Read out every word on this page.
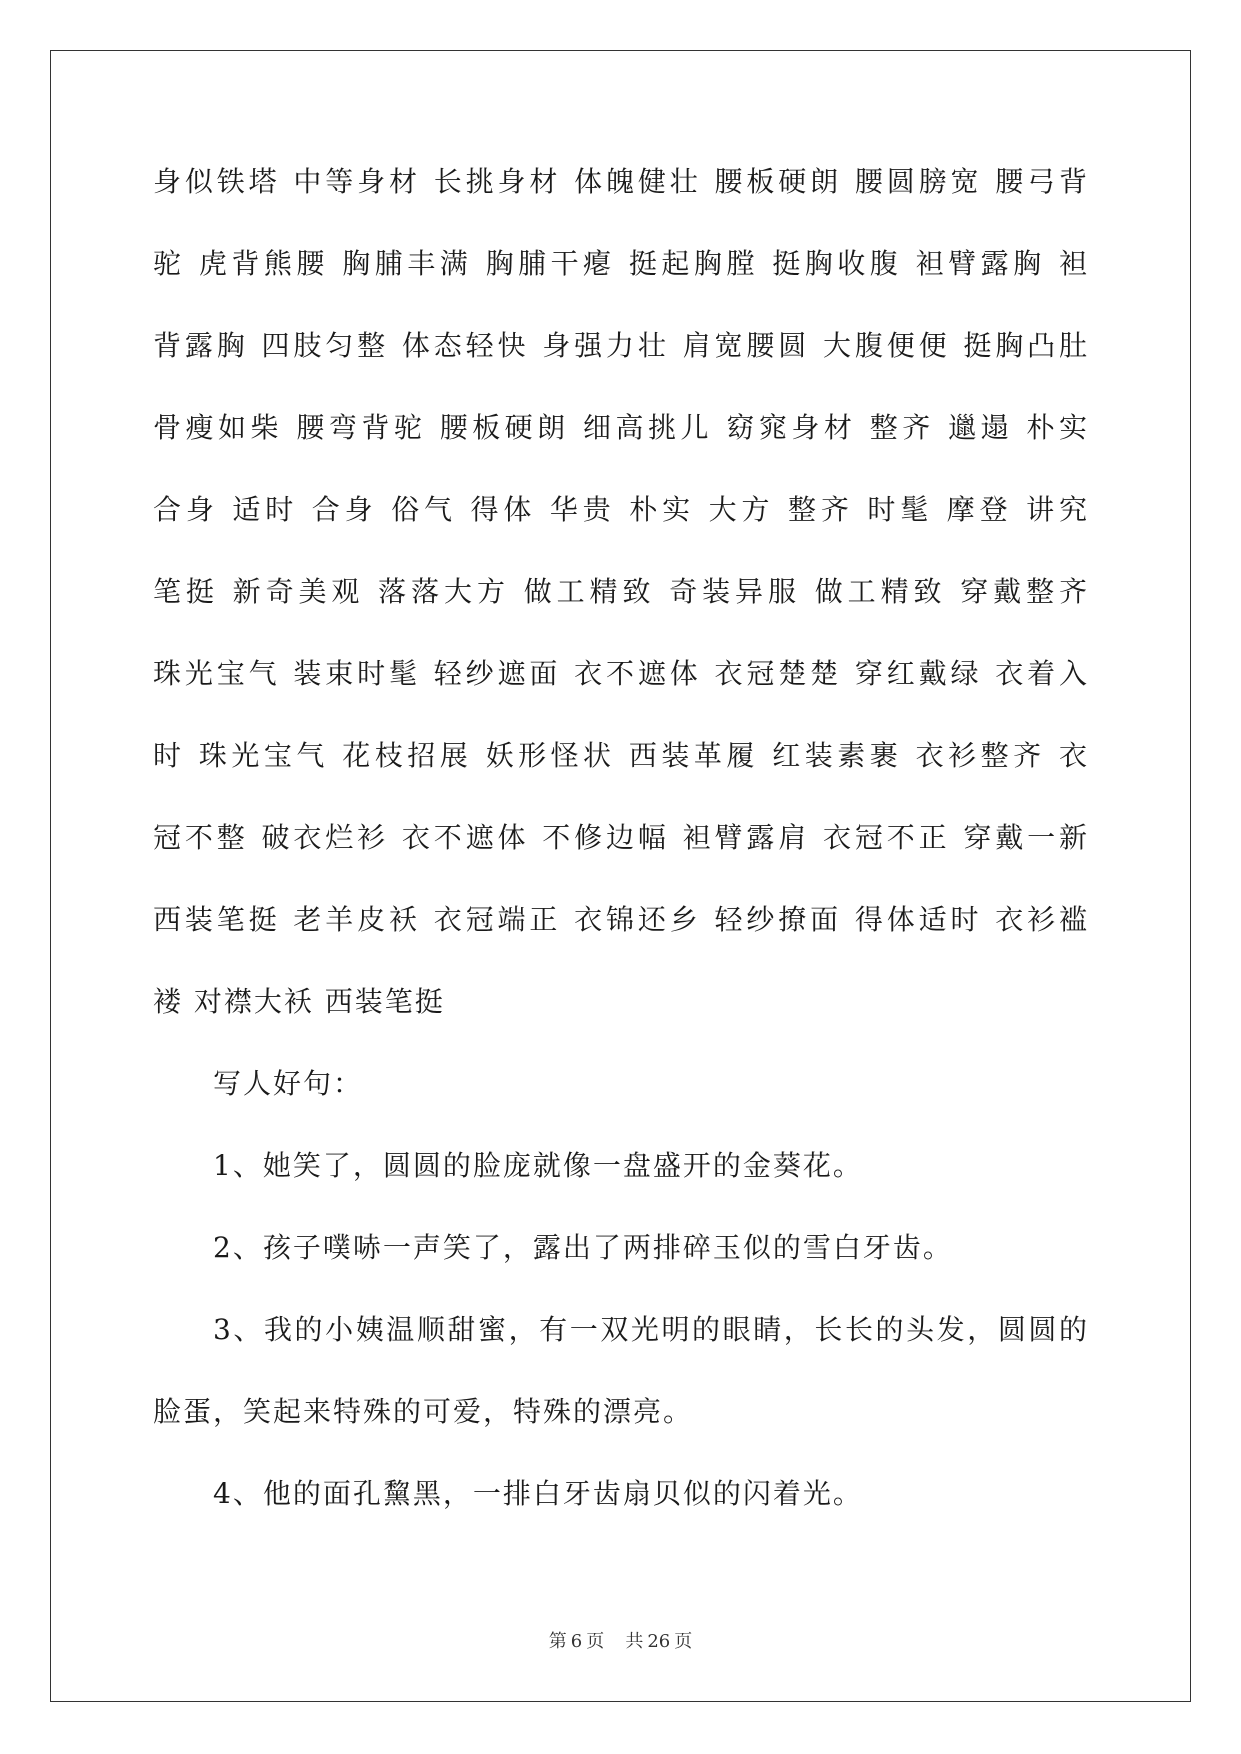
身似铁塔 中等身材 长挑身材 体魄健壮 腰板硬朗 腰圆膀宽 腰弓背
驼 虎背熊腰 胸脯丰满 胸脯干瘪 挺起胸膛 挺胸收腹 袒臂露胸 袒
背露胸 四肢匀整 体态轻快 身强力壮 肩宽腰圆 大腹便便 挺胸凸肚
骨瘦如柴 腰弯背驼 腰板硬朗 细高挑儿 窈窕身材 整齐 邋遢 朴实
合身 适时 合身 俗气 得体 华贵 朴实 大方 整齐 时髦 摩登 讲究
笔挺 新奇美观 落落大方 做工精致 奇装异服 做工精致 穿戴整齐
珠光宝气 装束时髦 轻纱遮面 衣不遮体 衣冠楚楚 穿红戴绿 衣着入
时 珠光宝气 花枝招展 妖形怪状 西装革履 红装素裹 衣衫整齐 衣
冠不整 破衣烂衫 衣不遮体 不修边幅 袒臂露肩 衣冠不正 穿戴一新
西装笔挺 老羊皮袄 衣冠端正 衣锦还乡 轻纱撩面 得体适时 衣衫褴
褛 对襟大袄 西装笔挺
写人好句：
1、她笑了，圆圆的脸庞就像一盘盛开的金葵花。
2、孩子噗哧一声笑了，露出了两排碎玉似的雪白牙齿。
3、我的小姨温顺甜蜜，有一双光明的眼睛，长长的头发，圆圆的
脸蛋，笑起来特殊的可爱，特殊的漂亮。
4、他的面孔黧黑，一排白牙齿扇贝似的闪着光。
第 6 页 共 26 页
